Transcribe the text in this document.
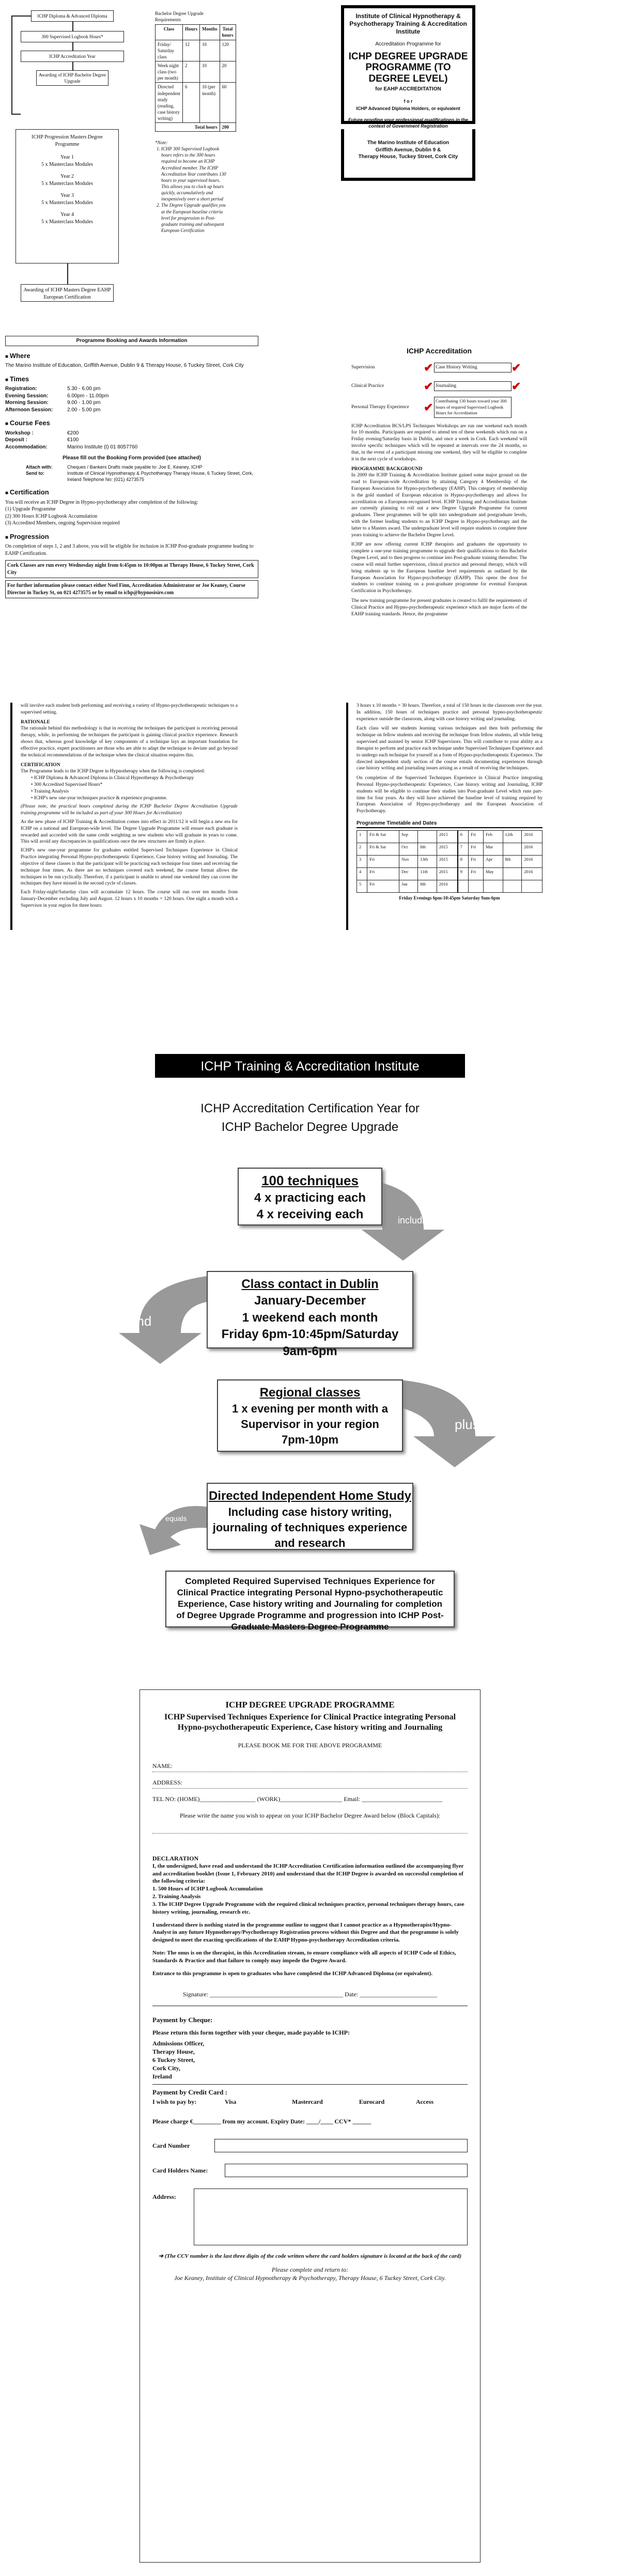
ICHP Diploma & Advanced Diploma
300 Supervised Logbook Hours*
ICHP Accreditation Year
Awarding of ICHP Bachelor Degree Upgrade
Bachelor Degree Upgrade Requirements
Class	Hours	Months	Total hours
Friday/ Saturday class	12	10	120
Week night class (two per month)	2	10	20
Directed independent study (reading, case history writing)	6	10 (per month)	60
Total hours			200
Institute of Clinical Hypnotherapy & Psychotherapy Training & Accreditation Institute
Accreditation Programme for
ICHP DEGREE UPGRADE PROGRAMME (TO DEGREE LEVEL)
for EAHP ACCREDITATION
f o r
ICHP Advanced Diploma Holders, or equivalent
Future proofing your professional qualifications in the context of Government Registration
ICHP Progression Masters Degree Programme
Year 1
5 x Masterclass Modules
Year 2
5 x Masterclass Modules
Year 3
5 x Masterclass Modules
Year 4
5 x Masterclass Modules
Awarding of ICHP Masters Degree EAHP European Certification
*Note:
1. ICHP 300 Supervised Logbook hours refers to the 300 hours required to become an ICHP Accredited member. The ICHP Accreditation Year contributes 130 hours to your supervised hours. This allows you to clock up hours quickly, accumulatively and inexpensively over a short period
2. The Degree Upgrade qualifies you at the European baseline criteria level for progression to Post-graduate training and subsequent European Certification
The Marino Institute of Education
Griffith Avenue, Dublin 9 &
Therapy House, Tuckey Street, Cork City
Programme Booking and Awards Information
■ Where
The Marino Institute of Education, Griffith Avenue, Dublin 9 & Therapy House, 6 Tuckey Street, Cork City
■ Times
Registration:	5.30 - 6.00 pm
Evening Session:	6.00pm - 11.00pm
Morning Session:	9.00 - 1.00 pm
Afternoon Session:	2.00 - 5.00 pm
■ Course Fees
Workshop :	€200
Deposit :	€100
Accommodation:	Marino Institute (t) 01 8057760
Please fill out the Booking Form provided (see attached)
Attach with:	Cheques / Bankers Drafts made payable to: Joe E. Keaney, ICHP
Send to:	Institute of Clinical Hypnotherapy & Psychotherapy Therapy House, 6 Tuckey Street, Cork, Ireland Telephone No: (021) 4273575
■ Certification
You will receive an ICHP Degree in Hypno-psychotherapy after completion of the following:
(1) Upgrade Programme
(2) 300 Hours ICHP Logbook Accumulation
(3) Accredited Members, ongoing Supervision required
■ Progression
On completion of steps 1, 2 and 3 above, you will be eligible for inclusion in ICHP Post-graduate programme leading to EAHP Certification.
Cork Classes are run every Wednesday night from 6:45pm to 10:00pm at Therapy House, 6 Tuckey Street, Cork City
For further information please contact either Noel Finn, Accreditation Administrator or Joe Keaney, Course Director in Tuckey St, on 021 4273575 or by email to ichp@hypnosisire.com
ICHP Accreditation
Supervision	✔ Case History Writing	✔
Clinical Practice	✔ Journaling	✔
Personal Therapy Experience	✔ Contributing 130 hours toward your 300 hours of required Supervised Logbook Hours for Accreditation

ICHP Accreditation BCS/LPS Techniques Workshops are run one weekend each month for 10 months. Participants are required to attend ten of these weekends which run on a Friday evening/Saturday basis in Dublin, and once a week in Cork. Each weekend will involve specific techniques which will be repeated at intervals over the 24 months, so that, in the event of a participant missing one weekend, they will be eligible to complete it in the next cycle of workshops.

PROGRAMME BACKGROUND

In 2009 the ICHP Training & Accreditation Institute gained some major ground on the road to European-wide Accreditation by attaining Category 4 Membership of the European Association for Hypno-psychotherapy (EAHP). This category of membership is the gold standard of European education in Hypno-psychotherapy and allows for accreditation on a European-recognised level. ICHP Training and Accreditation Institute are currently planning to roll out a new Degree Upgrade Programme for current graduates. These programmes will be split into undergraduate and postgraduate levels, with the former leading students to an ICHP Degree in Hypno-psychotherapy and the latter to a Masters award. The undergraduate level will require students to complete three years training to achieve the Bachelor Degree Level.

ICHP are now offering current ICHP therapists and graduates the opportunity to complete a one-year training programme to upgrade their qualifications to this Bachelor Degree Level, and to then progress to continue into Post-graduate training thereafter. The course will entail further supervision, clinical practice and personal therapy, which will bring students up to the European baseline level requirements as outlined by the European Association for Hypno-psychotherapy (EAHP). This opens the door for students to continue training on a post-graduate programme for eventual European Certification in Psychotherapy.

The new training programme for present graduates is created to fulfil the requirements of Clinical Practice and Hypno-psychotherapeutic experience which are major facets of the EAHP training standards. Hence, the programme

will involve each student both performing and receiving a variety of Hypno-psychotherapeutic techniques to a supervised setting.

RATIONALE

The rationale behind this methodology is that in receiving the techniques the participant is receiving personal therapy, while, in performing the techniques the participant is gaining clinical practice experience. Research shows that, whereas good knowledge of key components of a technique lays an important foundation for effective practice, expert practitioners are those who are able to adapt the technique to deviate and go beyond the technical recommendations of the technique when the clinical situation requires this.

CERTIFICATION

The Programme leads to the ICHP Degree in Hypnotherapy when the following is completed:

• ICHP Diploma & Advanced Diploma in Clinical Hypnotherapy & Psychotherapy
• 300 Accredited Supervised Hours*
• Training Analysis
• ICHP's new one-year techniques practice & experience programme.

(Please note, the practical hours completed during the ICHP Bachelor Degree Accreditation Upgrade training programme will be included as part of your 300 Hours for Accreditation)

As the new phase of ICHP Training & Accreditation comes into effect in 2011/12 it will begin a new era for ICHP on a national and European-wide level. The Degree Upgrade Programme will ensure each graduate is rewarded and accorded with the same credit weighting as new students who will graduate in years to come. This will avoid any discrepancies in qualifications once the new structures are firmly in place.

ICHP's new one-year programme for graduates entitled Supervised Techniques Experience in Clinical Practice integrating Personal Hypno-psychotherapeutic Experience, Case history writing and Journaling. The objective of these classes is that the participant will be practicing each technique four times and receiving the technique four times. As there are no techniques covered each weekend, the course format allows the techniques to be run cyclically. Therefore, if a participant is unable to attend one weekend they can cover the techniques they have missed in the second cycle of classes.

Each Friday-night/Saturday class will accumulate 12 hours. The course will run over ten months from January-December excluding July and August. 12 hours x 10 months = 120 hours. One night a month with a Supervisor in your region for three hours:

3 hours x 10 months = 30 hours. Therefore, a total of 150 hours in the classroom over the year. In addition, 150 hours of techniques practice and personal hypno-psychotherapeutic experience outside the classroom, along with case history writing and journaling.

Each class will see students learning various techniques and then both performing the technique on fellow students and receiving the technique from fellow students, all while being supervised and assisted by senior ICHP Supervisors. This will contribute to your ability as a therapist to perform and practice each technique under Supervised Techniques Experience and to undergo each technique for yourself as a form of Hypno-psychotherapeutic Experience. The directed independent study section of the course entails documenting experiences through case history writing and journaling issues arising as a result of receiving the techniques.

On completion of the Supervised Techniques Experience in Clinical Practice integrating Personal Hypno-psychotherapeutic Experience, Case history writing and Journaling, ICHP students will be eligible to continue their studies into Post-graduate Level which runs part-time for four years. As they will have achieved the baseline level of training required by European Association of Hypno-psychotherapy and the European Association of Psychotherapy.

Programme Timetable and Dates
1	Fri & Sat	Sep		2015	6	Fri	Feb	12th	2016
2	Fri & Sat	Oct	8th	2015	7	Fri	Mar		2016
3	Fri	Nov	13th	2015	8	Fri	Apr	8th	2016
4	Fri	Dec	11th	2015	9	Fri	May		2016
5	Fri	Jan	8th	2016					
Friday Evenings 6pm-10:45pm Saturday 9am-6pm
ICHP Training & Accreditation Institute
ICHP Accreditation Certification Year for
ICHP Bachelor Degree Upgrade
including
and
plus
equals
100 techniques
4 x practicing each
4 x receiving each
Class contact in Dublin
January-December
1 weekend each month
Friday 6pm-10:45pm/Saturday 9am-6pm
Regional classes
1 x evening per month with a Supervisor in your region
7pm-10pm
Directed Independent Home Study
Including case history writing, journaling of techniques experience and research
Completed Required Supervised Techniques Experience for Clinical Practice integrating Personal Hypno-psychotherapeutic Experience, Case history writing and Journaling for completion of Degree Upgrade Programme and progression into ICHP Post-Graduate Masters Degree Programme
ICHP DEGREE UPGRADE PROGRAMME
ICHP Supervised Techniques Experience for Clinical Practice integrating Personal Hypno-psychotherapeutic Experience, Case history writing and Journaling
PLEASE BOOK ME FOR THE ABOVE PROGRAMME
NAME:
ADDRESS:
TEL NO: (HOME)__________________ (WORK)____________________ Email: __________________________
Please write the name you wish to appear on your ICHP Bachelor Degree Award below (Block Capitals):
DECLARATION

I, the undersigned, have read and understand the ICHP Accreditation Certification information outlined the accompanying flyer and accreditation booklet (Issue 1, February 2010) and understand that the ICHP Degree is awarded on successful completion of the following criteria:

1. 500 Hours of ICHP Logbook Accumulation
2. Training Analysis
3. The ICHP Degree Upgrade Programme with the required clinical techniques practice, personal techniques therapy hours, case history writing, journaling, research etc.

I understand there is nothing stated in the programme outline to suggest that I cannot practice as a Hypnotherapist/Hypno-Analyst in any future Hypnotherapy/Psychotherapy Registration process without this Degree and that the programme is solely designed to meet the exacting specifications of the EAHP Hypno-psychotherapy Accreditation criteria.

Note: The onus is on the therapist, in this Accreditation stream, to ensure compliance with all aspects of ICHP Code of Ethics, Standards & Practice and that failure to comply may impede the Degree Award.

Entrance to this programme is open to graduates who have completed the ICHP Advanced Diploma (or equivalent).

Signature: ___________________________________________ Date: _________________________
Payment by Cheque:
Please return this form together with your cheque, made payable to ICHP:
Admissions Officer,
Therapy House,
6 Tuckey Street,
Cork City,
Ireland
Payment by Credit Card :
I wish to pay by:	Visa	Mastercard	Eurocard	Access
Please charge €_________ from my account. Expiry Date: ____/____ CCV* ______
Card Number
Card Holders Name:
Address:
➔ (The CCV number is the last three digits of the code written where the card holders signature is located at the back of the card)
Please complete and return to:
Joe Keaney, Institute of Clinical Hypnotherapy & Psychotherapy, Therapy House, 6 Tuckey Street, Cork City.
